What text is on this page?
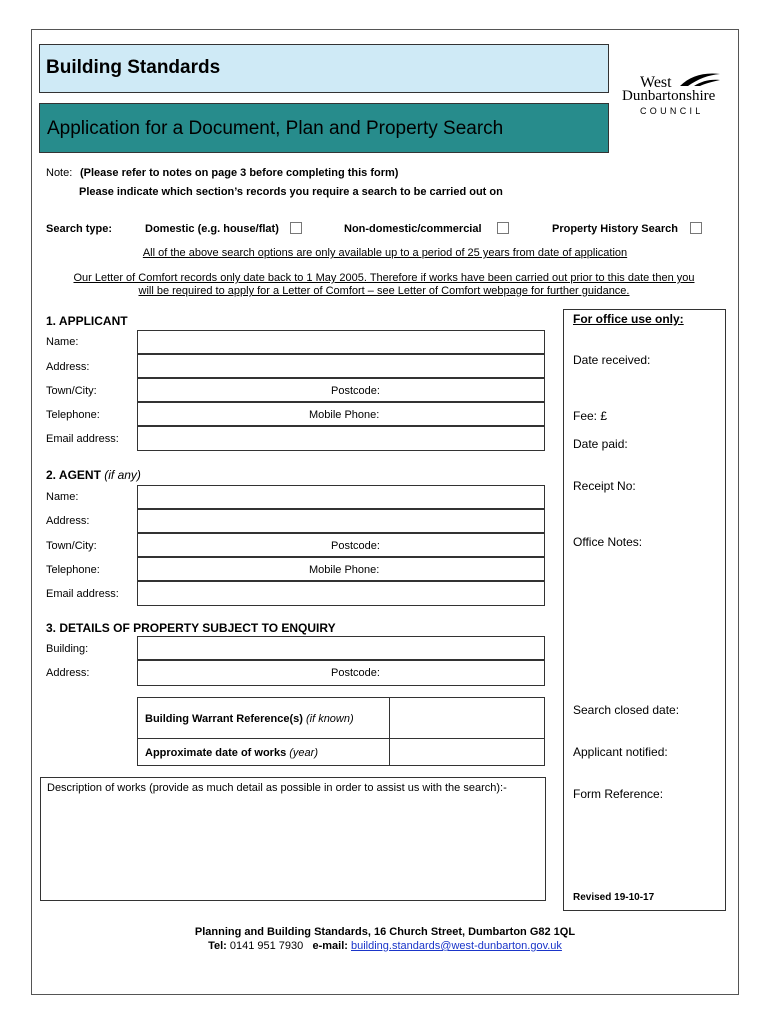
Building Standards
Application for a Document, Plan and Property Search
West
Dunbartonshire
COUNCIL
Note: (Please refer to notes on page 3 before completing this form)
Please indicate which section’s records you require a search to be carried out on
Search type:	Domestic (e.g. house/flat)	Non-domestic/commercial	Property History Search
All of the above search options are only available up to a period of 25 years from date of application
Our Letter of Comfort records only date back to 1 May 2005. Therefore if works have been carried out prior to this date then you
will be required to apply for a Letter of Comfort – see Letter of Comfort webpage for further guidance.
1. APPLICANT
Name:
Address:
Town/City:	Postcode:
Telephone:	Mobile Phone:
Email address:
2. AGENT (if any)
Name:
Address:
Town/City:	Postcode:
Telephone:	Mobile Phone:
Email address:
3. DETAILS OF PROPERTY SUBJECT TO ENQUIRY
Building:
Address:	Postcode:
Building Warrant Reference(s) (if known)
Approximate date of works (year)
Description of works (provide as much detail as possible in order to assist us with the search):-
For office use only:
Date received:
Fee: £
Date paid:
Receipt No:
Office Notes:
Search closed date:
Applicant notified:
Form Reference:
Revised 19-10-17
Planning and Building Standards, 16 Church Street, Dumbarton G82 1QL
Tel: 0141 951 7930 e-mail: building.standards@west-dunbarton.gov.uk
